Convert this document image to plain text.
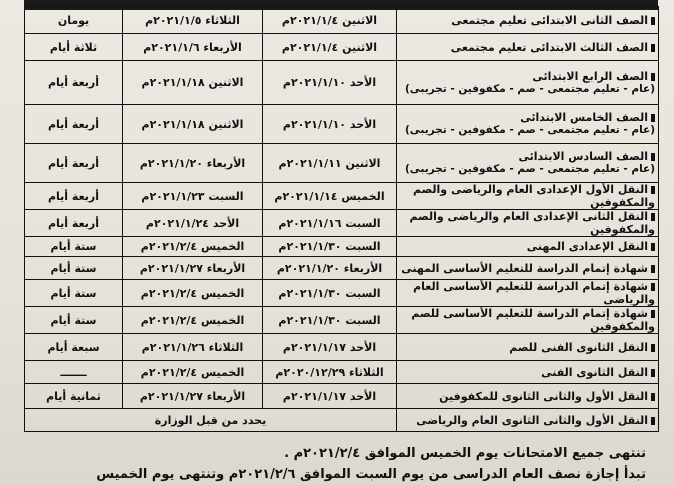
الصف الثانى الابتدائى تعليم مجتمعى	الاثنين ٢٠٢١/١/٤م	الثلاثاء ٢٠٢١/١/٥م	يومان
الصف الثالث الابتدائى تعليم مجتمعى	الاثنين ٢٠٢١/١/٤م	الأربعاء ٢٠٢١/١/٦م	ثلاثة أيام
الصف الرابع الابتدائى
(عام - تعليم مجتمعى - صم - مكفوفين - تجريبى)	الأحد ٢٠٢١/١/١٠م	الاثنين ٢٠٢١/١/١٨م	أربعة أيام
الصف الخامس الابتدائى
(عام - تعليم مجتمعى - صم - مكفوفين - تجريبى)	الأحد ٢٠٢١/١/١٠م	الاثنين ٢٠٢١/١/١٨م	أربعة أيام
الصف السادس الابتدائى
(عام - تعليم مجتمعى - صم - مكفوفين - تجريبى)	الاثنين ٢٠٢١/١/١١م	الأربعاء ٢٠٢١/١/٢٠م	أربعة أيام
النقل الأول الإعدادى العام والرياضى والصم والمكفوفين	الخميس ٢٠٢١/١/١٤م	السبت ٢٠٢١/١/٢٣م	أربعة أيام
النقل الثانى الإعدادى العام والرياضى والصم والمكفوفين	السبت ٢٠٢١/١/١٦م	الأحد ٢٠٢١/١/٢٤م	أربعة أيام
النقل الإعدادى المهنى	السبت ٢٠٢١/١/٣٠م	الخميس ٢٠٢١/٢/٤م	ستة أيام
شهادة إتمام الدراسة للتعليم الأساسى المهنى	الأربعاء ٢٠٢١/١/٢٠م	الأربعاء ٢٠٢١/١/٢٧م	ستة أيام
شهادة إتمام الدراسة للتعليم الأساسى العام والرياضى	السبت ٢٠٢١/١/٣٠م	الخميس ٢٠٢١/٢/٤م	ستة أيام
شهادة إتمام الدراسة للتعليم الأساسى للصم والمكفوفين	السبت ٢٠٢١/١/٣٠م	الخميس ٢٠٢١/٢/٤م	ستة أيام
النقل الثانوى الفنى للصم	الأحد ٢٠٢١/١/١٧م	الثلاثاء ٢٠٢١/١/٢٦م	سبعة أيام
النقل الثانوى الفنى	الثلاثاء ٢٠٢٠/١٢/٢٩م	الخميس ٢٠٢١/٢/٤م	ـــــــ
النقل الأول والثانى الثانوى للمكفوفين	الأحد ٢٠٢١/١/١٧م	الأربعاء ٢٠٢١/١/٢٧م	ثمانية أيام
النقل الأول والثانى الثانوى العام والرياضى	يحدد من قبل الوزارة		
تنتهى جميع الامتحانات يوم الخميس الموافق ٢٠٢١/٢/٤م .
تبدأ إجازة نصف العام الدراسى من يوم السبت الموافق ٢٠٢١/٢/٦م وتنتهى يوم الخميس
